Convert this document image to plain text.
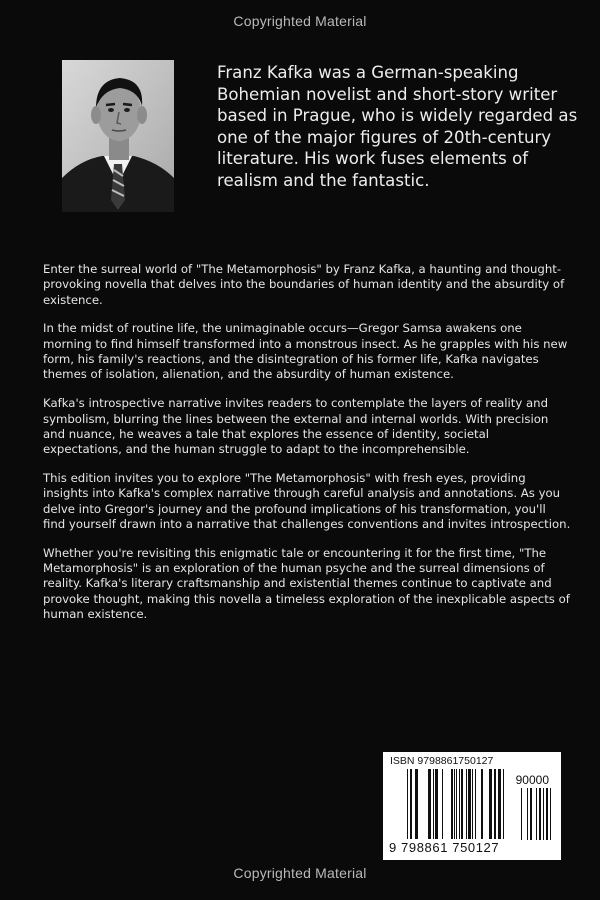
Copyrighted Material

Franz Kafka was a German-speaking Bohemian novelist and short-story writer based in Prague, who is widely regarded as one of the major figures of 20th-century literature. His work fuses elements of realism and the fantastic.

Enter the surreal world of "The Metamorphosis" by Franz Kafka, a haunting and thought-provoking novella that delves into the boundaries of human identity and the absurdity of existence.

In the midst of routine life, the unimaginable occurs—Gregor Samsa awakens one morning to find himself transformed into a monstrous insect. As he grapples with his new form, his family's reactions, and the disintegration of his former life, Kafka navigates themes of isolation, alienation, and the absurdity of human existence.

Kafka's introspective narrative invites readers to contemplate the layers of reality and symbolism, blurring the lines between the external and internal worlds. With precision and nuance, he weaves a tale that explores the essence of identity, societal expectations, and the human struggle to adapt to the incomprehensible.

This edition invites you to explore "The Metamorphosis" with fresh eyes, providing insights into Kafka's complex narrative through careful analysis and annotations. As you delve into Gregor's journey and the profound implications of his transformation, you'll find yourself drawn into a narrative that challenges conventions and invites introspection.

Whether you're revisiting this enigmatic tale or encountering it for the first time, "The Metamorphosis" is an exploration of the human psyche and the surreal dimensions of reality. Kafka's literary craftsmanship and existential themes continue to captivate and provoke thought, making this novella a timeless exploration of the inexplicable aspects of human existence.

ISBN 9798861750127
90000
9 798861 750127
Copyrighted Material
